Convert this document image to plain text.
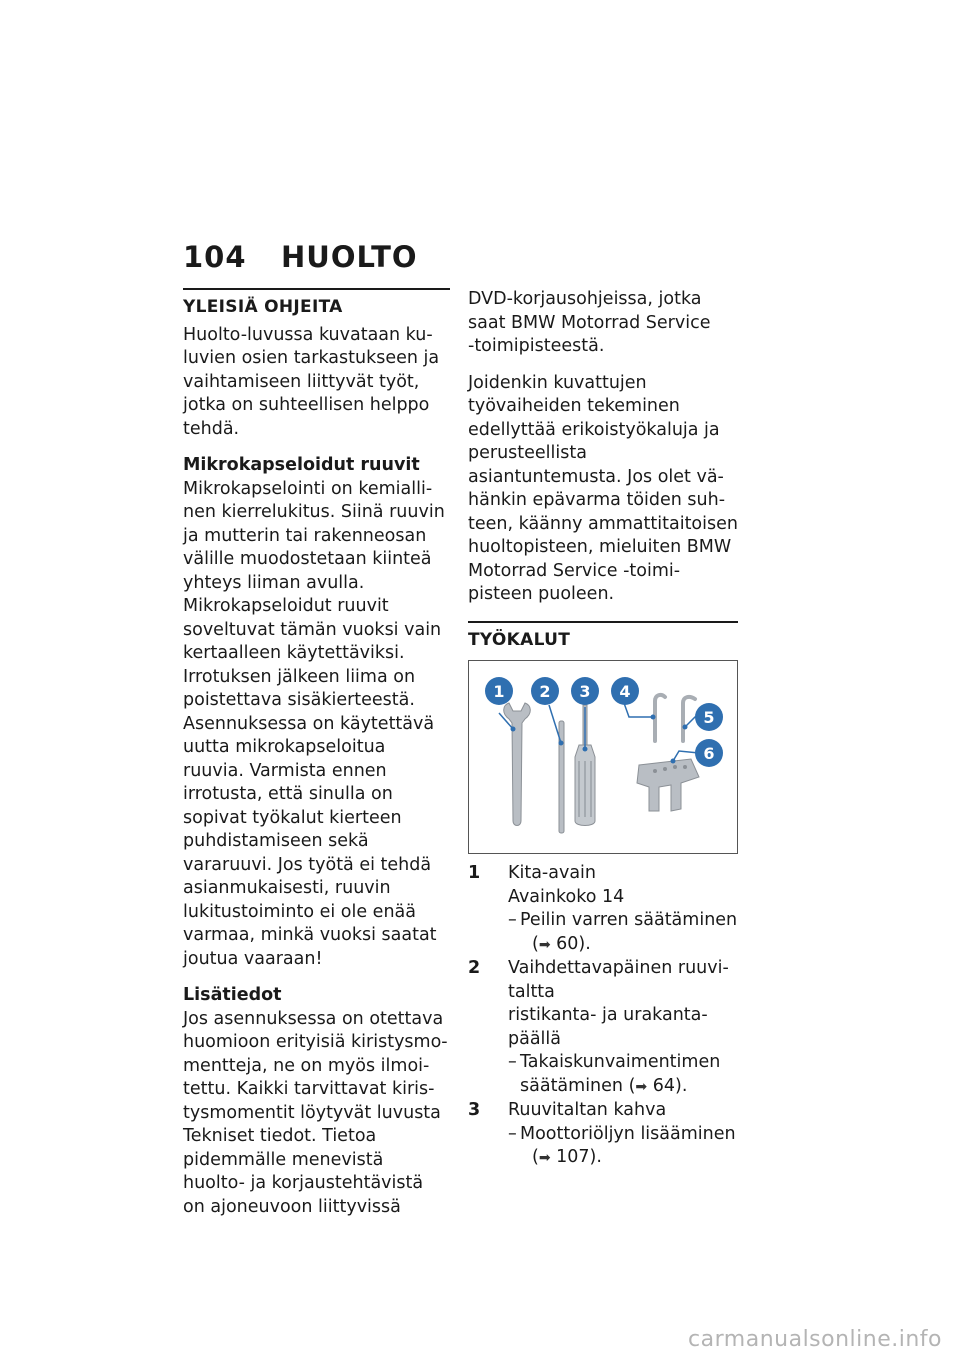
104 HUOLTO
YLEISIÄ OHJEITA

Huolto-luvussa kuvataan kuluvien osien tarkastukseen ja vaihtamiseen liittyvät työt, jotka on suhteellisen helppo tehdä.

Mikrokapseloidut ruuvit
Mikrokapselointi on kemiallinen kierrelukitus. Siinä ruuvin ja mutterin tai rakenneosan välille muodostetaan kiinteä yhteys liiman avulla. Mikrokapseloidut ruuvit soveltuvat tämän vuoksi vain kertaalleen käytettäviksi. Irrotuksen jälkeen liima on poistettava sisäkierteestä. Asennuksessa on käytettävä uutta mikrokapseloitua ruuvia. Varmista ennen irrotusta, että sinulla on sopivat työkalut kierteen puhdistamiseen sekä vararuuvi. Jos työtä ei tehdä asianmukaisesti, ruuvin lukitustoiminto ei ole enää varmaa, minkä vuoksi saatat joutua vaaraan!

Lisätiedot
Jos asennuksessa on otettava huomioon erityisiä kiristysmomentteja, ne on myös ilmoitettu. Kaikki tarvittavat kiristysmomentit löytyvät luvusta Tekniset tiedot. Tietoa pidemmälle menevistä huolto- ja korjaustehtävistä on ajoneuvoon liittyvissä

DVD-korjausohjeissa, jotka saat BMW Motorrad Service ‑toimipisteestä.

Joidenkin kuvattujen työvaiheiden tekeminen edellyttää erikoistyökaluja ja perusteellista asiantuntemusta. Jos olet vähänkin epävarma töiden suhteen, käänny ammattitaitoisen huoltopisteen, mieluiten BMW Motorrad Service ‑toimipisteen puoleen.

TYÖKALUT
1 2 3 4
5
6
1 Kita-avain
Avainkoko 14
– Peilin varren säätäminen
(➡ 60).
2 Vaihdettavapäinen ruuvitaltta
ristikanta- ja urakantapäällä
– Takaiskunvaimentimen säätäminen (➡ 64).
3 Ruuvitaltan kahva
– Moottoriöljyn lisääminen
(➡ 107).
carmanualsonline.info
